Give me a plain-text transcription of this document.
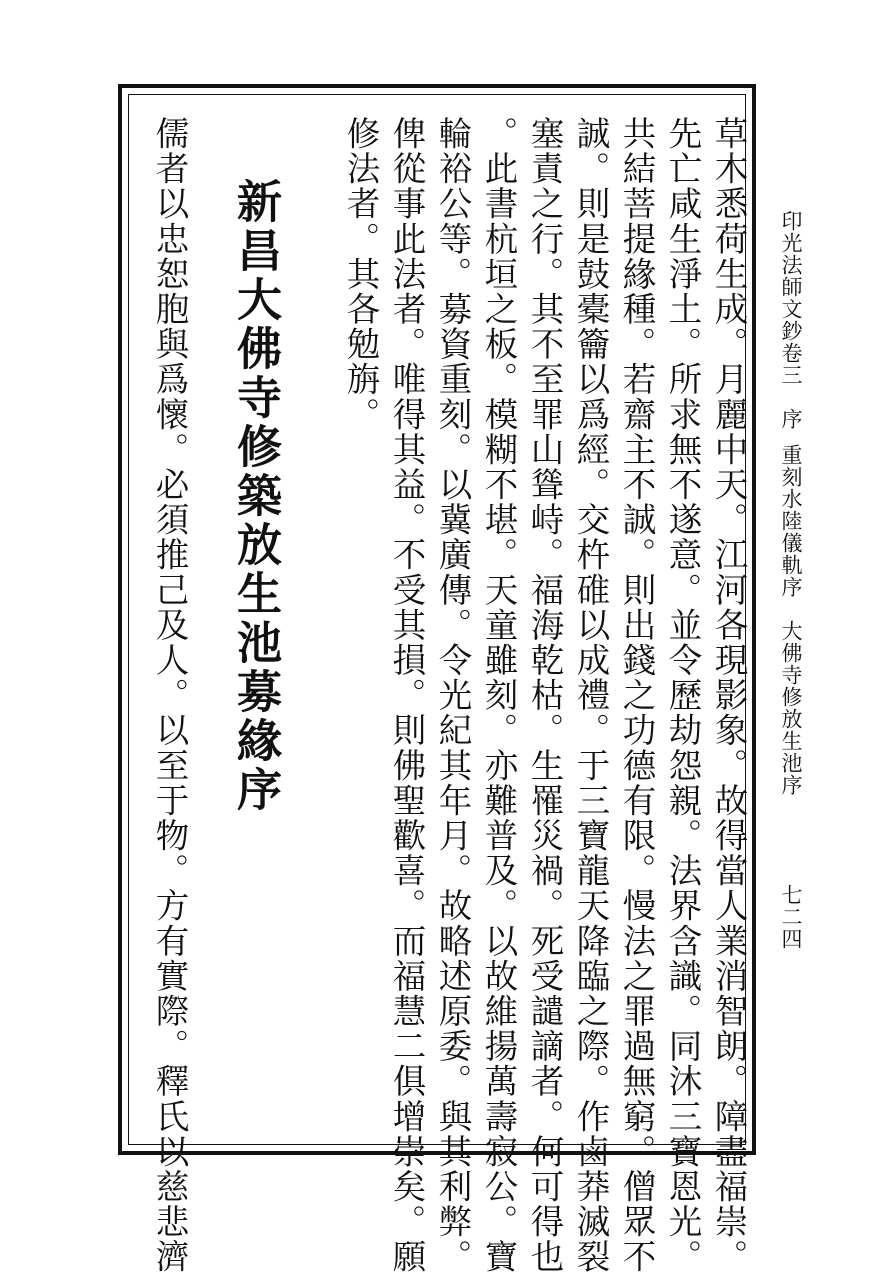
印光法師文鈔卷三　序
重刻水陸儀軌序　大佛寺修放生池序
七二四
草木悉荷生成。月麗中天。江河各現影象。故得當人業消智朗。障盡福崇。
先亡咸生淨土。所求無不遂意。並令歷劫怨親。法界含識。同沐三寶恩光。
共結菩提緣種。若齋主不誠。則出錢之功德有限。慢法之罪過無窮。僧眾不
誠。則是鼓橐籥以爲經。交杵碓以成禮。于三寶龍天降臨之際。作鹵莽滅裂
塞責之行。其不至罪山聳峙。福海乾枯。生罹災禍。死受譴謫者。何可得也
。此書杭垣之板。模糊不堪。天童雖刻。亦難普及。以故維揚萬壽寂公。寶
輪裕公等。募資重刻。以冀廣傳。令光紀其年月。故略述原委。與其利弊。
俾從事此法者。唯得其益。不受其損。則佛聖歡喜。而福慧二俱增崇矣。願
修法者。其各勉旃。
新昌大佛寺修築放生池募緣序
儒者以忠恕胞與爲懷。必須推己及人。以至于物。方有實際。釋氏以慈悲濟
